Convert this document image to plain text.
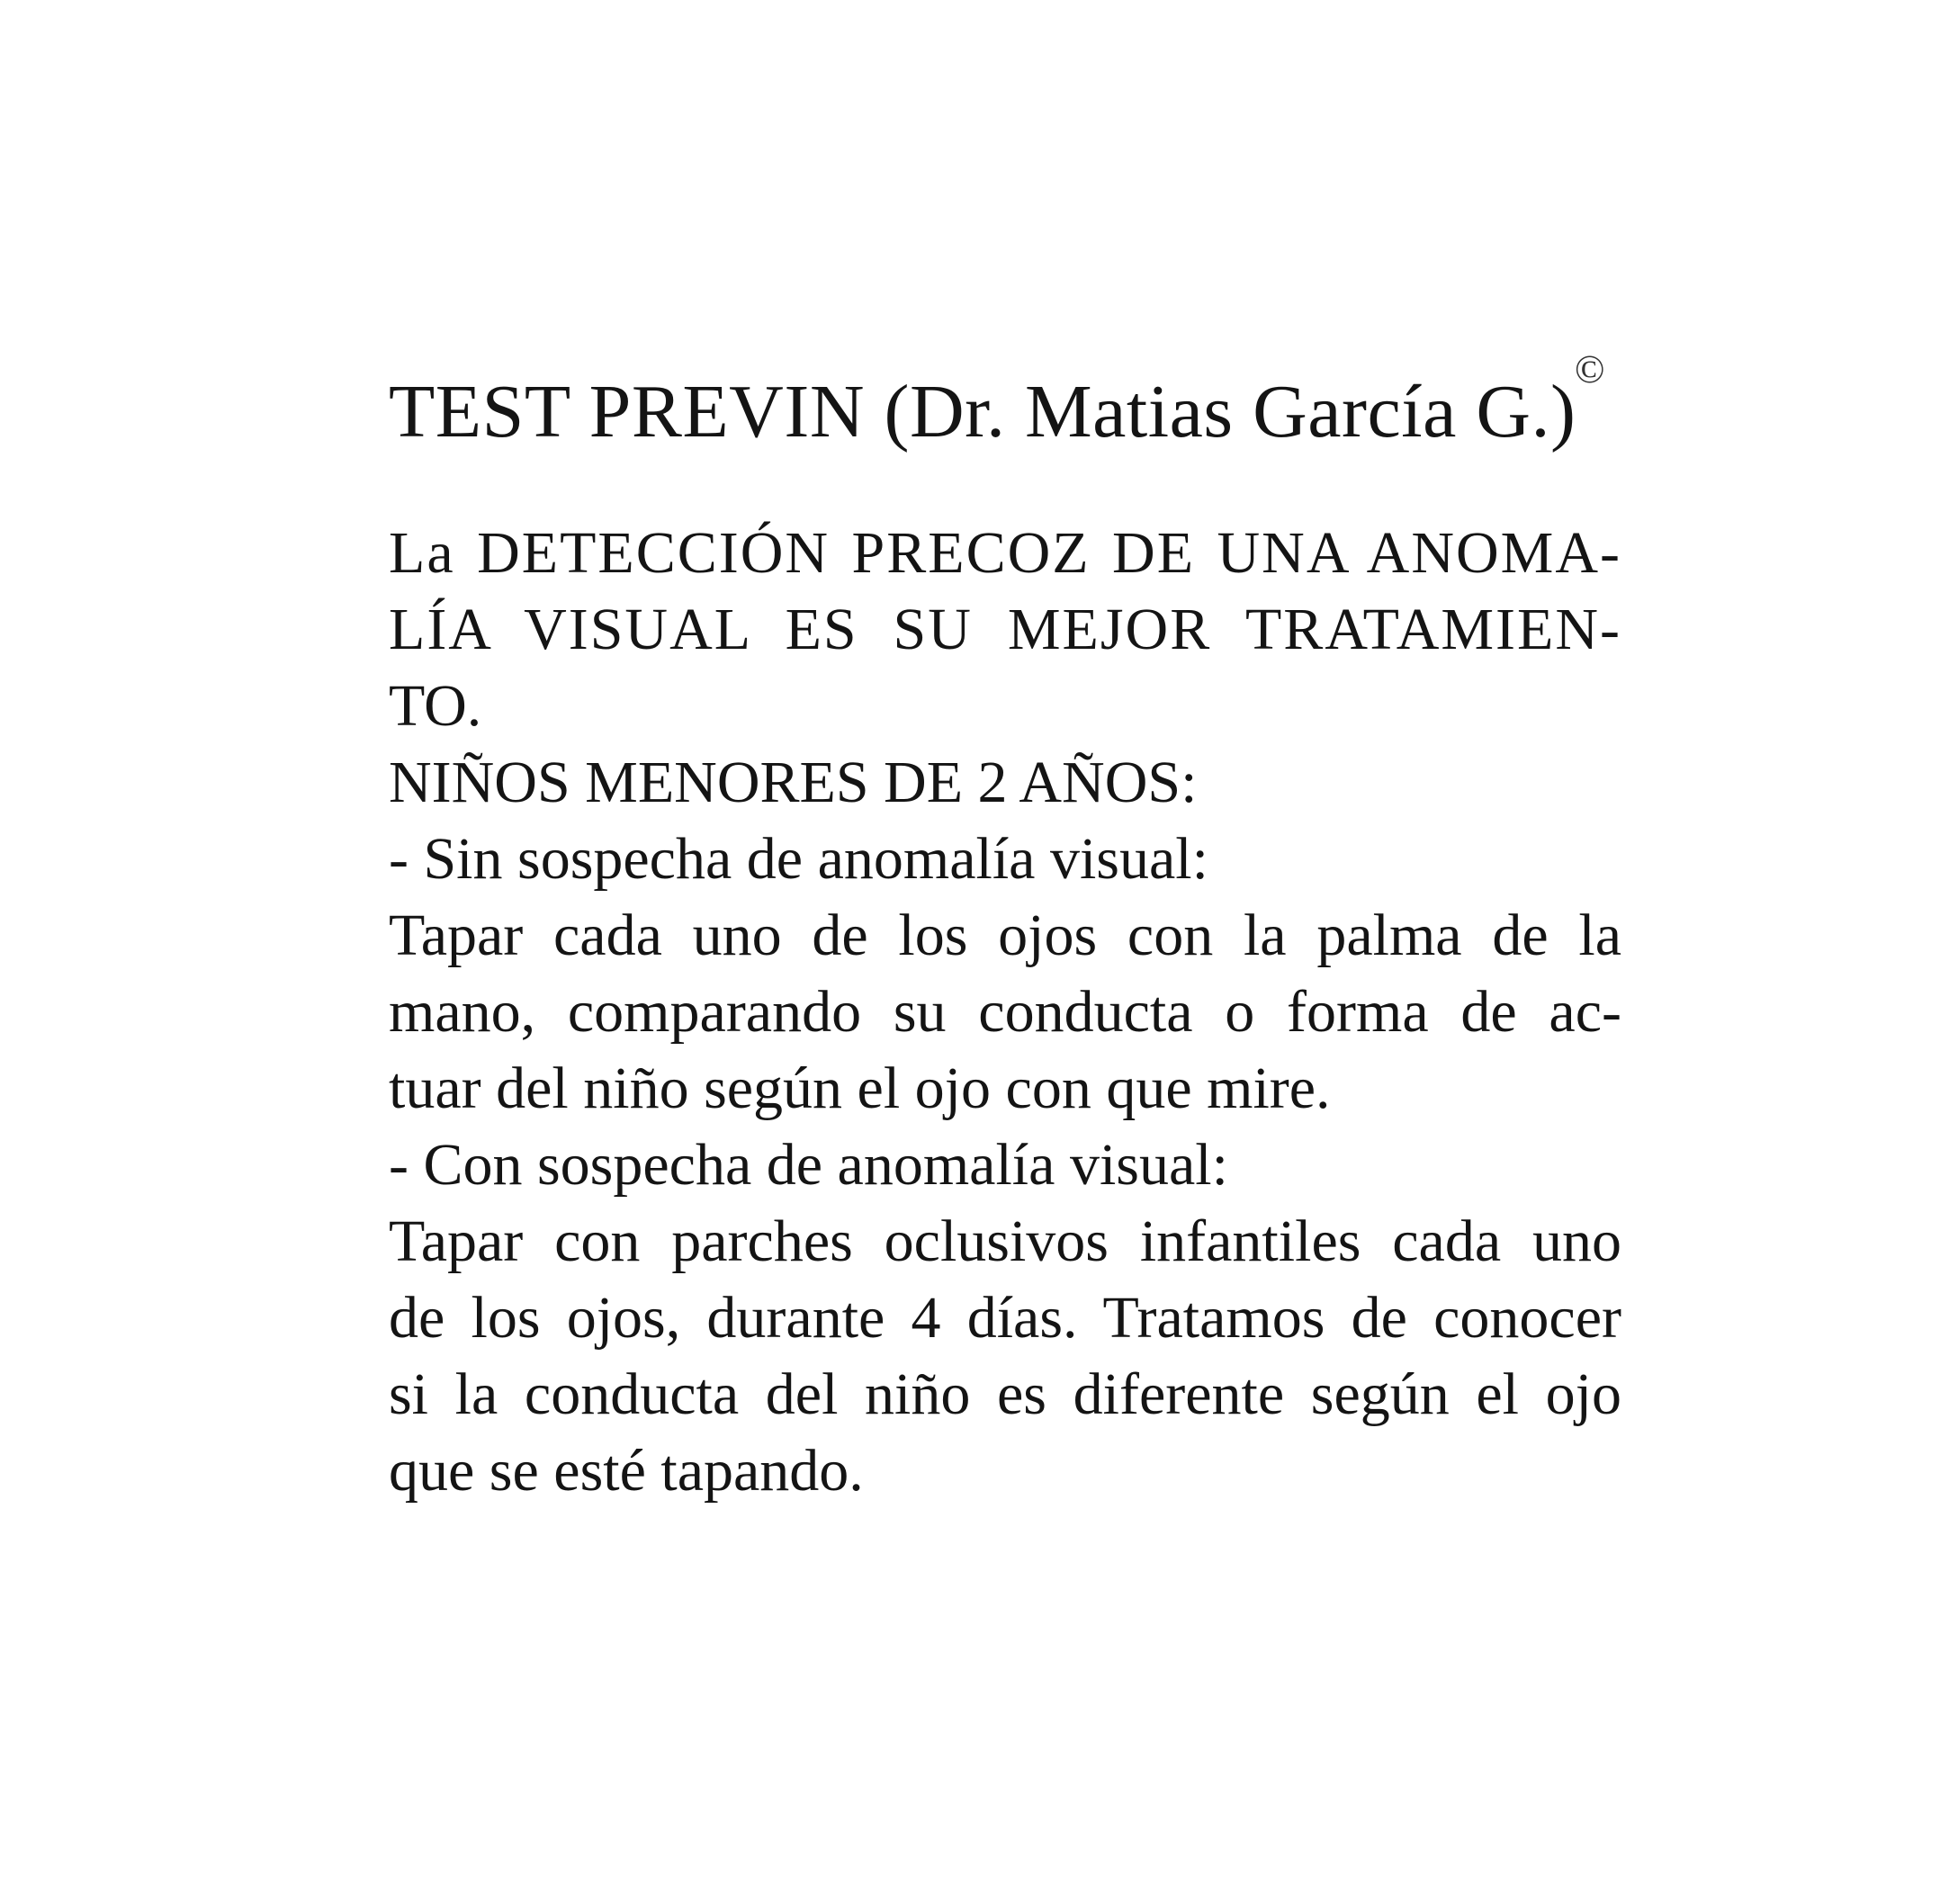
TEST PREVIN (Dr. Matias García G.)
©
La DETECCIÓN PRECOZ DE UNA ANOMA-
LÍA VISUAL ES SU MEJOR TRATAMIEN-
TO.
NIÑOS MENORES DE 2 AÑOS:
- Sin sospecha de anomalía visual:
Tapar cada uno de los ojos con la palma de la
mano, comparando su conducta o forma de ac-
tuar del niño según el ojo con que mire.
- Con sospecha de anomalía visual:
Tapar con parches oclusivos infantiles cada uno
de los ojos, durante 4 días. Tratamos de conocer
si la conducta del niño es diferente según el ojo
que se esté tapando.
